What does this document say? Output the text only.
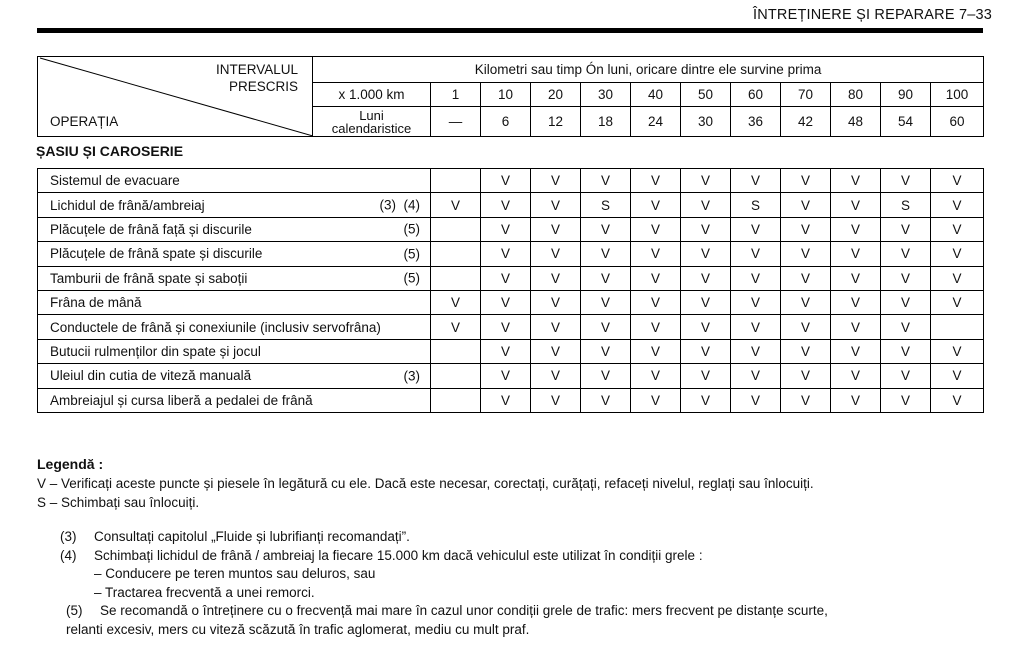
ÎNTREȚINERE ȘI REPARARE 7–33
INTERVALUL
PRESCRIS
OPERAȚIA	Kilometri sau timp Ón luni, oricare dintre ele survine prima											
	x 1.000 km	1	10	20	30	40	50	60	70	80	90	100

	Luni
calendaristice	—	6	12	18	24	30	36	42	48	54	60
ȘASIU ȘI CAROSERIE
Sistemul de evacuare		V	V	V	V	V	V	V	V	V	V
Lichidul de frână/ambreiaj (3)  (4)	V	V	V	S	V	V	S	V	V	S	V
Plăcuțele de frână față și discurile (5)		V	V	V	V	V	V	V	V	V	V
Plăcuțele de frână spate și discurile (5)		V	V	V	V	V	V	V	V	V	V
Tamburii de frână spate și saboții (5)		V	V	V	V	V	V	V	V	V	V
Frâna de mână	V	V	V	V	V	V	V	V	V	V	V
Conductele de frână și conexiunile (inclusiv servofrâna)	V	V	V	V	V	V	V	V	V	V	
Butucii rulmenților din spate și jocul		V	V	V	V	V	V	V	V	V	V
Uleiul din cutia de viteză manuală (3)		V	V	V	V	V	V	V	V	V	V
Ambreiajul și cursa liberă a pedalei de frână		V	V	V	V	V	V	V	V	V	V
Legendă :
V – Verificați aceste puncte și piesele în legătură cu ele. Dacă este necesar, corectați, curățați, refaceți nivelul, reglați sau înlocuiți.
S – Schimbați sau înlocuiți.
(3)	Consultați capitolul „Fluide și lubrifianți recomandați”.
(4)	Schimbați lichidul de frână / ambreiaj la fiecare 15.000 km dacă vehiculul este utilizat în condiții grele :
– Conducere pe teren muntos sau deluros, sau
– Tractarea frecventă a unei remorci.
(5)	Se recomandă o întreținere cu o frecvență mai mare în cazul unor condiții grele de trafic: mers frecvent pe distanțe scurte,
relanti excesiv, mers cu viteză scăzută în trafic aglomerat, mediu cu mult praf.
